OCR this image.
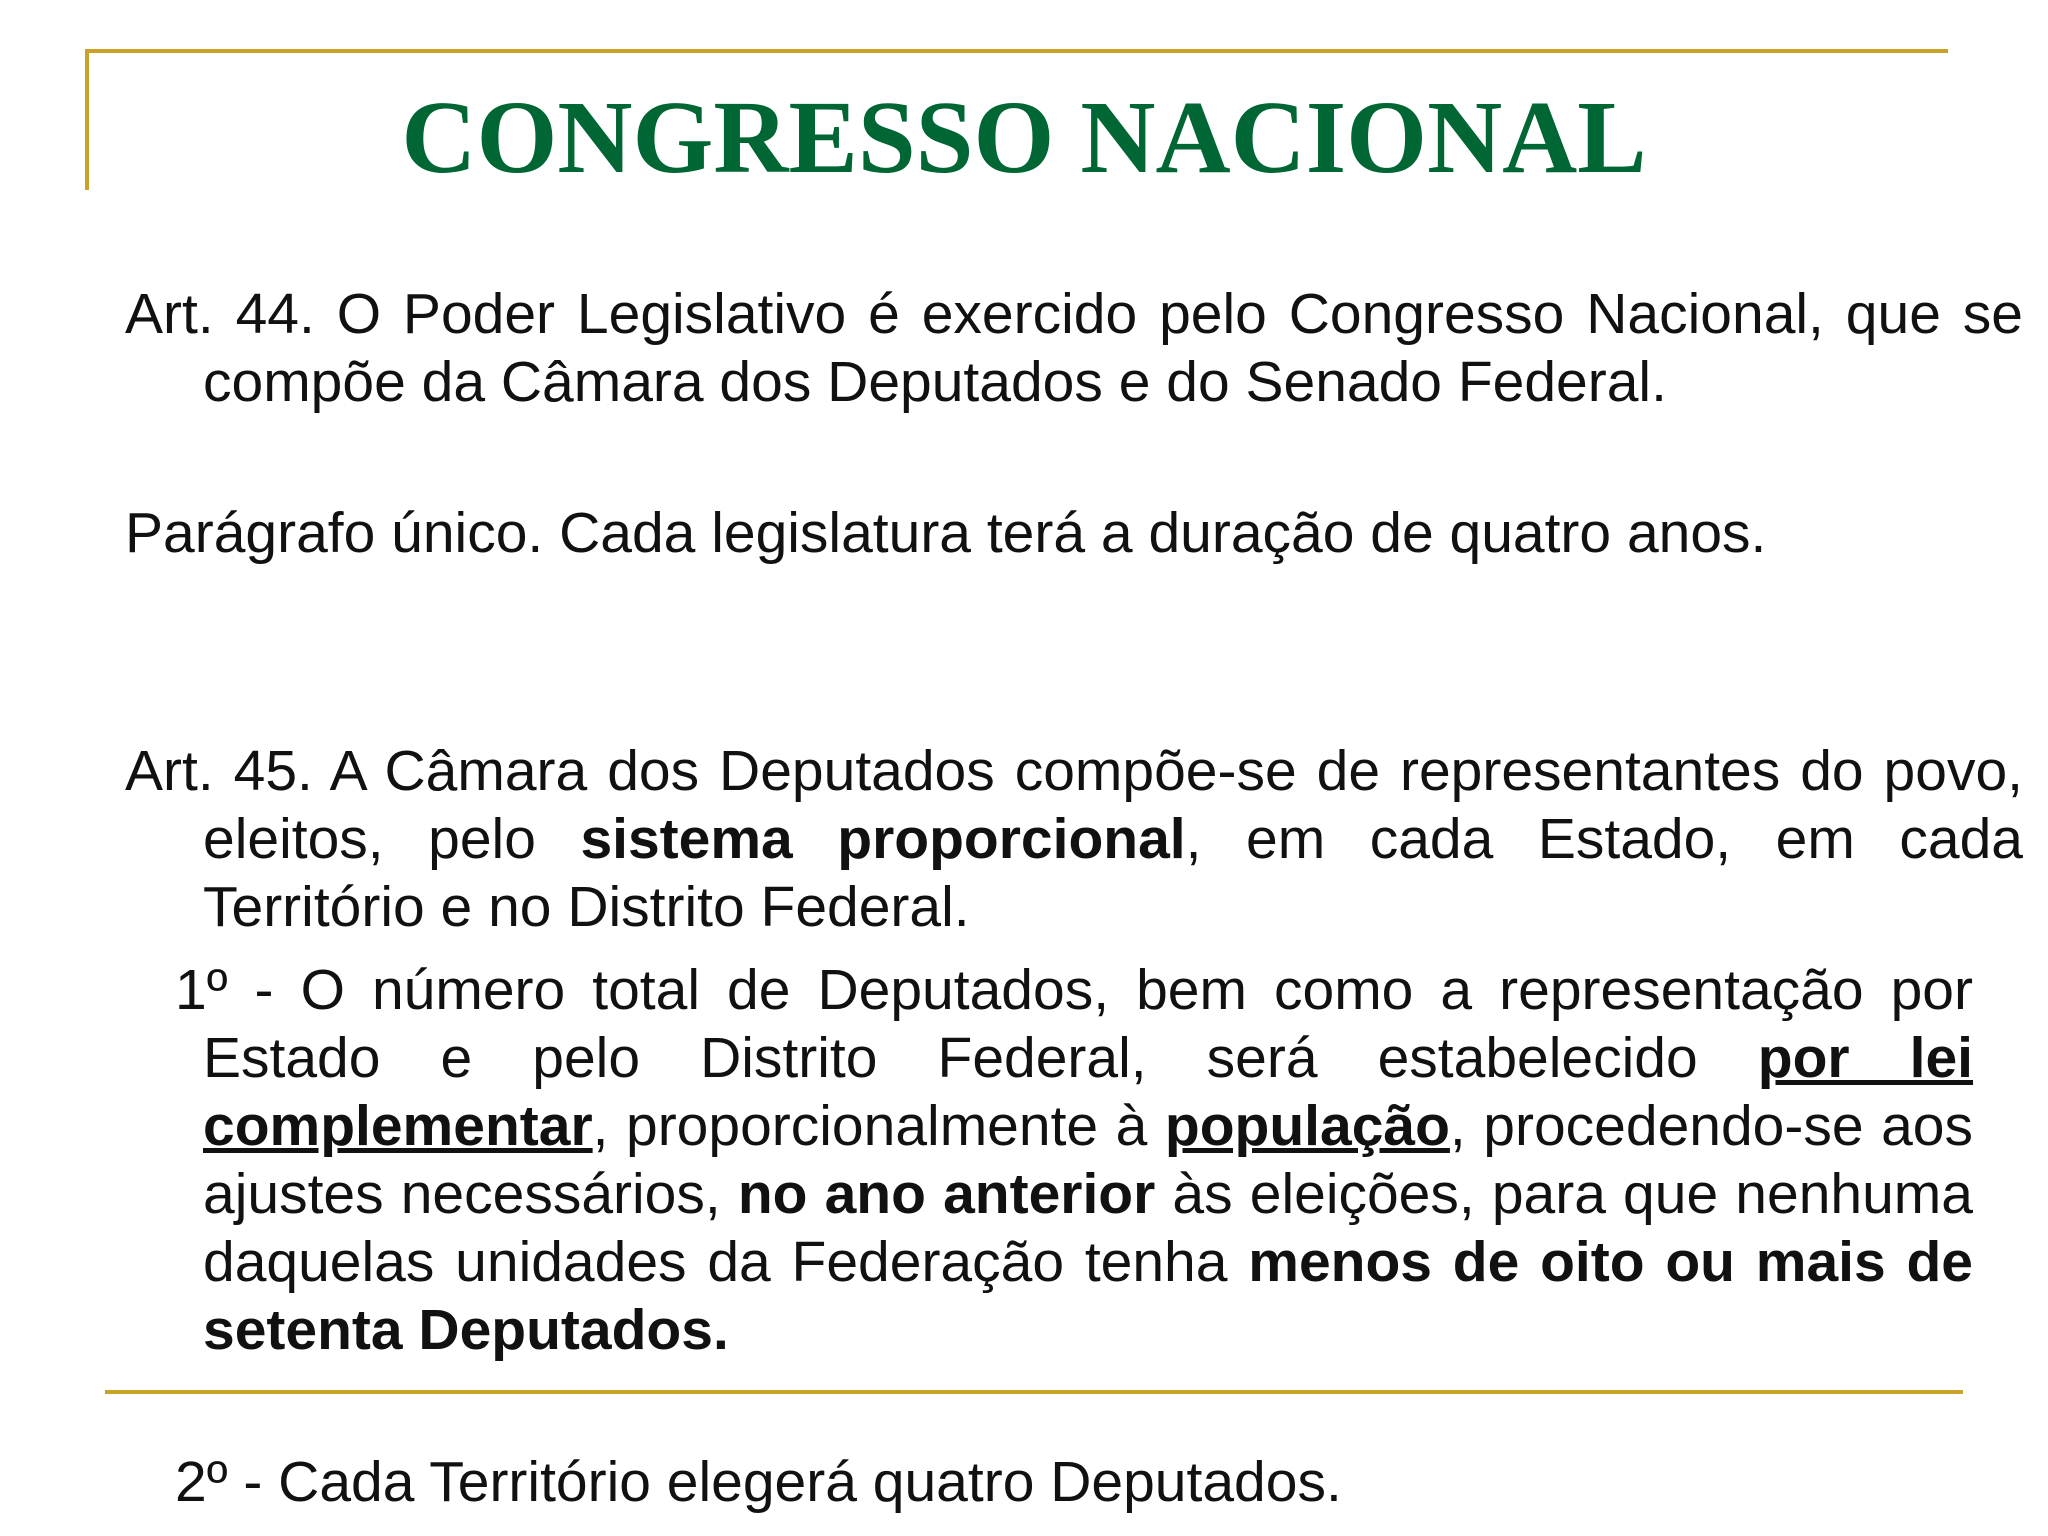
CONGRESSO NACIONAL

Art. 44. O Poder Legislativo é exercido pelo Congresso Nacional, que se compõe da Câmara dos Deputados e do Senado Federal.

Parágrafo único. Cada legislatura terá a duração de quatro anos.

Art. 45. A Câmara dos Deputados compõe-se de representantes do povo, eleitos, pelo sistema proporcional, em cada Estado, em cada Território e no Distrito Federal.

1º - O número total de Deputados, bem como a representação por Estado e pelo Distrito Federal, será estabelecido por lei complementar, proporcionalmente à população, procedendo-se aos ajustes necessários, no ano anterior às eleições, para que nenhuma daquelas unidades da Federação tenha menos de oito ou mais de setenta Deputados.

2º - Cada Território elegerá quatro Deputados.
